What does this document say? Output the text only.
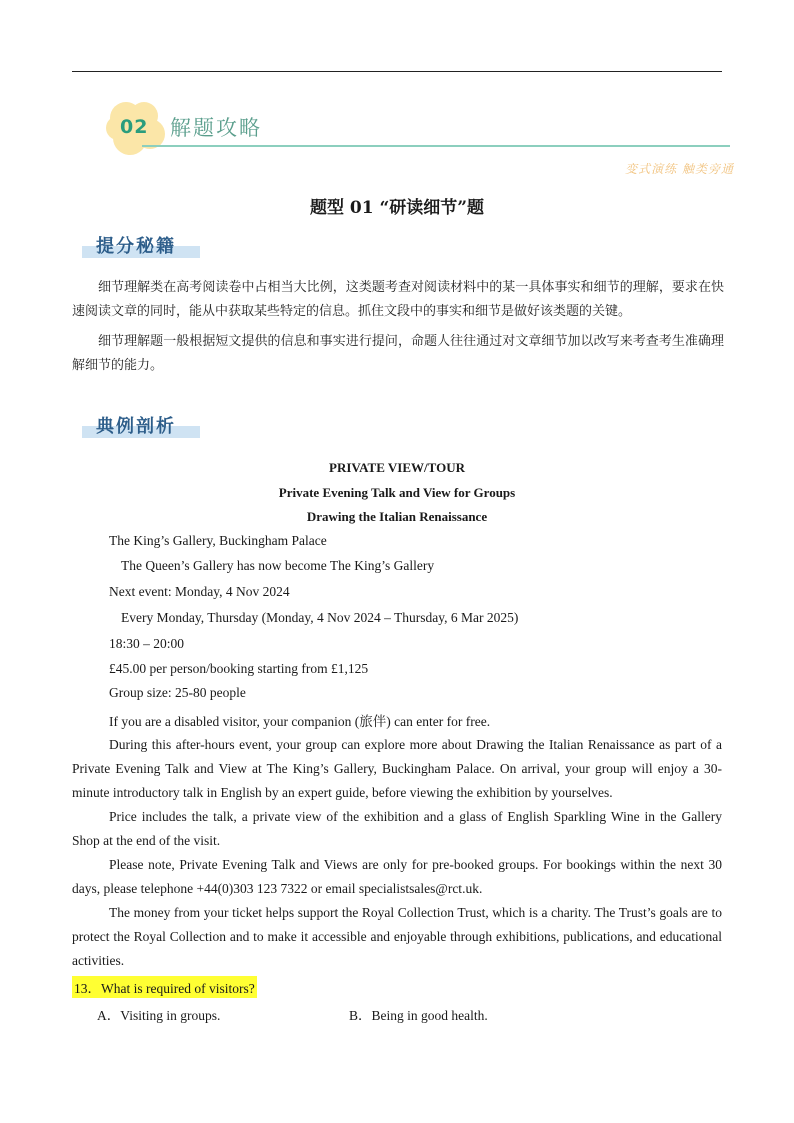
02 解题攻略
变式演练 触类旁通
题型 01 “研读细节”题
提分秘籍

细节理解类在高考阅读卷中占相当大比例，这类题考查对阅读材料中的某一具体事实和细节的理解，要求在快速阅读文章的同时，能从中获取某些特定的信息。抓住文段中的事实和细节是做好该类题的关键。

细节理解题一般根据短文提供的信息和事实进行提问，命题人往往通过对文章细节加以改写来考查考生准确理解细节的能力。

典例剖析
PRIVATE VIEW/TOUR
Private Evening Talk and View for Groups
Drawing the Italian Renaissance
The King’s Gallery, Buckingham Palace
The Queen’s Gallery has now become The King’s Gallery
Next event: Monday, 4 Nov 2024
Every Monday, Thursday (Monday, 4 Nov 2024 – Thursday, 6 Mar 2025)
18:30 – 20:00
£45.00 per person/booking starting from £1,125
Group size: 25-80 people
If you are a disabled visitor, your companion (旅伴) can enter for free.

During this after-hours event, your group can explore more about Drawing the Italian Renaissance as part of a Private Evening Talk and View at The King’s Gallery, Buckingham Palace. On arrival, your group will enjoy a 30-minute introductory talk in English by an expert guide, before viewing the exhibition by yourselves.

Price includes the talk, a private view of the exhibition and a glass of English Sparkling Wine in the Gallery Shop at the end of the visit.

Please note, Private Evening Talk and Views are only for pre-booked groups. For bookings within the next 30 days, please telephone +44(0)303 123 7322 or email specialistsales@rct.uk.

The money from your ticket helps support the Royal Collection Trust, which is a charity. The Trust’s goals are to protect the Royal Collection and to make it accessible and enjoyable through exhibitions, publications, and educational activities.

13．What is required of visitors?
A．Visiting in groups.	B．Being in good health.
